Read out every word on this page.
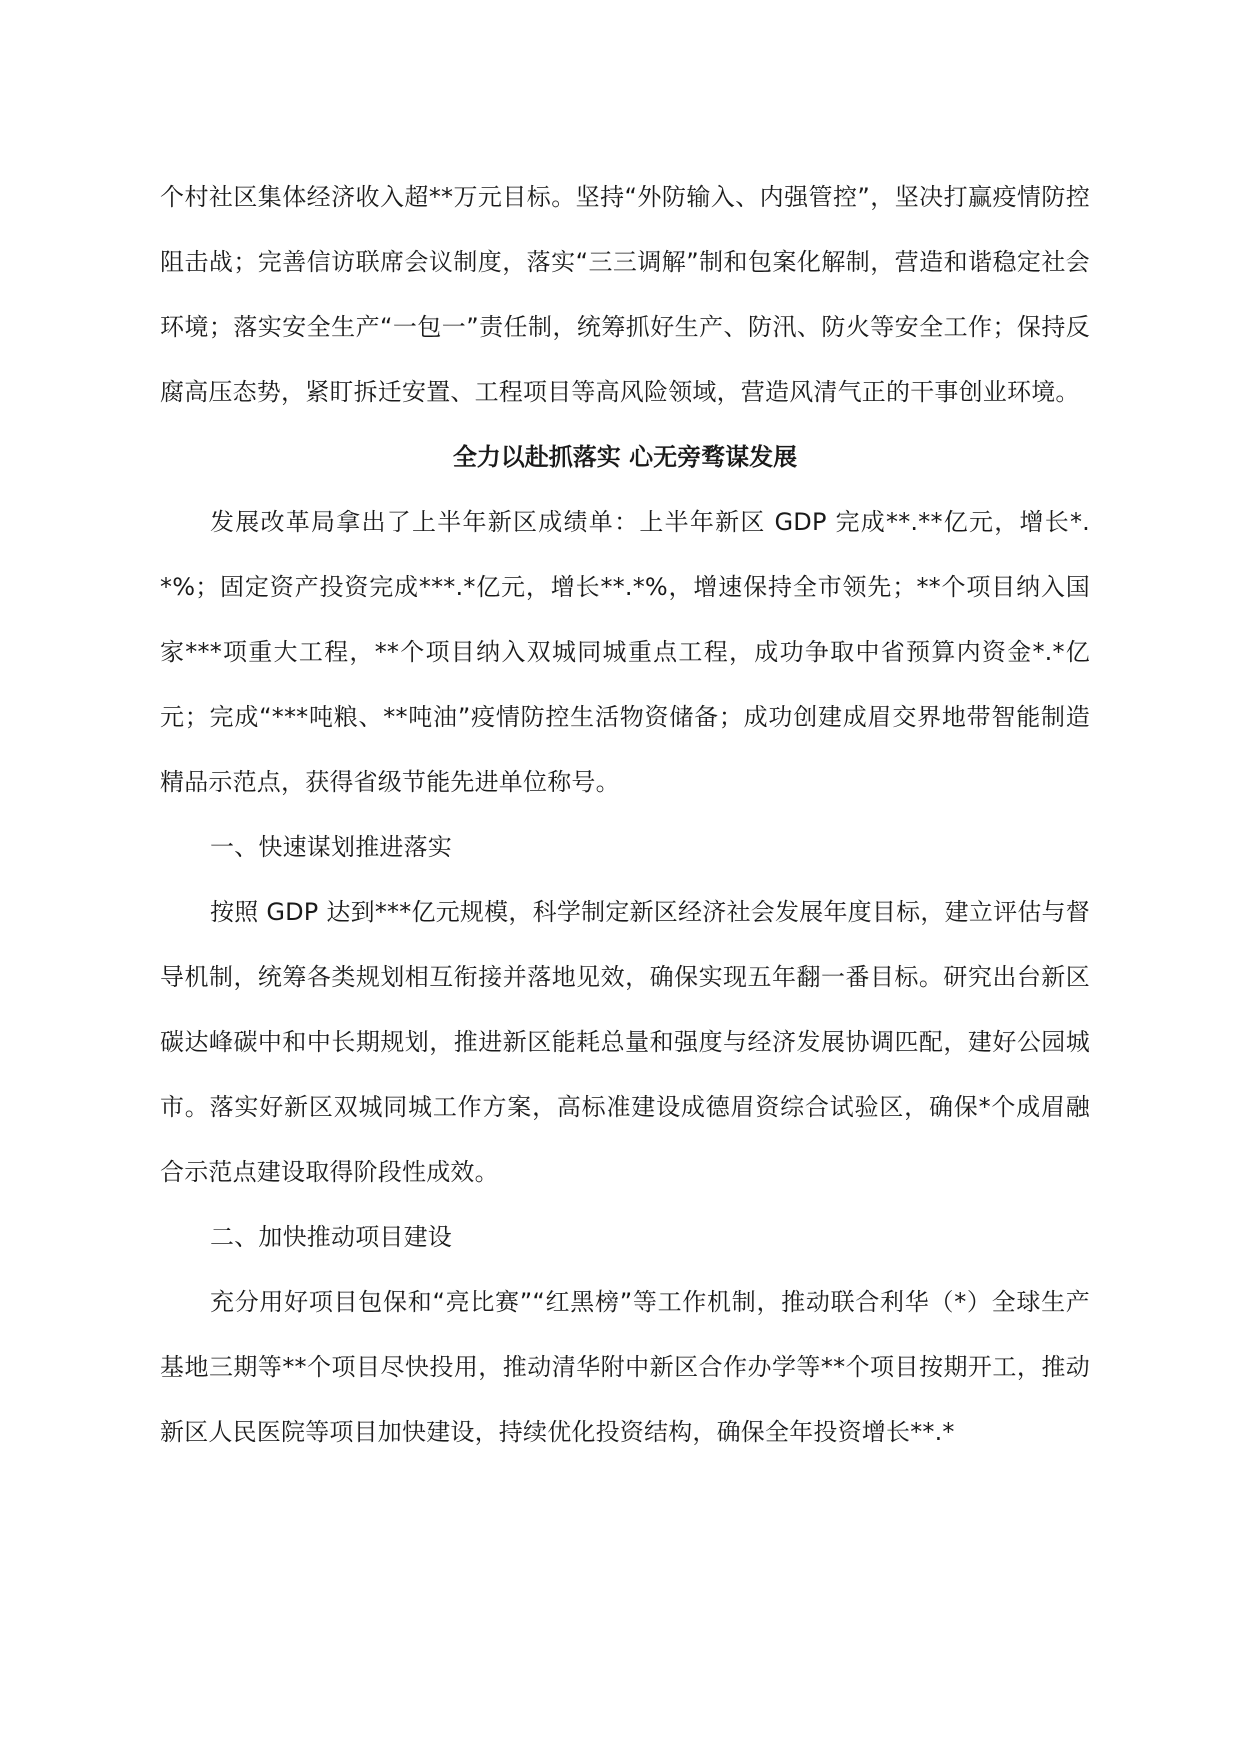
个村社区集体经济收入超**万元目标。坚持“外防输入、内强管控”，坚决打赢疫情防控阻击战；完善信访联席会议制度，落实“三三调解”制和包案化解制，营造和谐稳定社会环境；落实安全生产“一包一”责任制，统筹抓好生产、防汛、防火等安全工作；保持反腐高压态势，紧盯拆迁安置、工程项目等高风险领域，营造风清气正的干事创业环境。

全力以赴抓落实 心无旁骛谋发展

发展改革局拿出了上半年新区成绩单：上半年新区 GDP 完成**.**亿元，增长*.*%；固定资产投资完成***.*亿元，增长**.*%，增速保持全市领先；**个项目纳入国家***项重大工程，**个项目纳入双城同城重点工程，成功争取中省预算内资金*.*亿元；完成“***吨粮、**吨油”疫情防控生活物资储备；成功创建成眉交界地带智能制造精品示范点，获得省级节能先进单位称号。

一、快速谋划推进落实

按照 GDP 达到***亿元规模，科学制定新区经济社会发展年度目标，建立评估与督导机制，统筹各类规划相互衔接并落地见效，确保实现五年翻一番目标。研究出台新区碳达峰碳中和中长期规划，推进新区能耗总量和强度与经济发展协调匹配，建好公园城市。落实好新区双城同城工作方案，高标准建设成德眉资综合试验区，确保*个成眉融合示范点建设取得阶段性成效。

二、加快推动项目建设

充分用好项目包保和“亮比赛”“红黑榜”等工作机制，推动联合利华（*）全球生产基地三期等**个项目尽快投用，推动清华附中新区合作办学等**个项目按期开工，推动新区人民医院等项目加快建设，持续优化投资结构，确保全年投资增长**.*
